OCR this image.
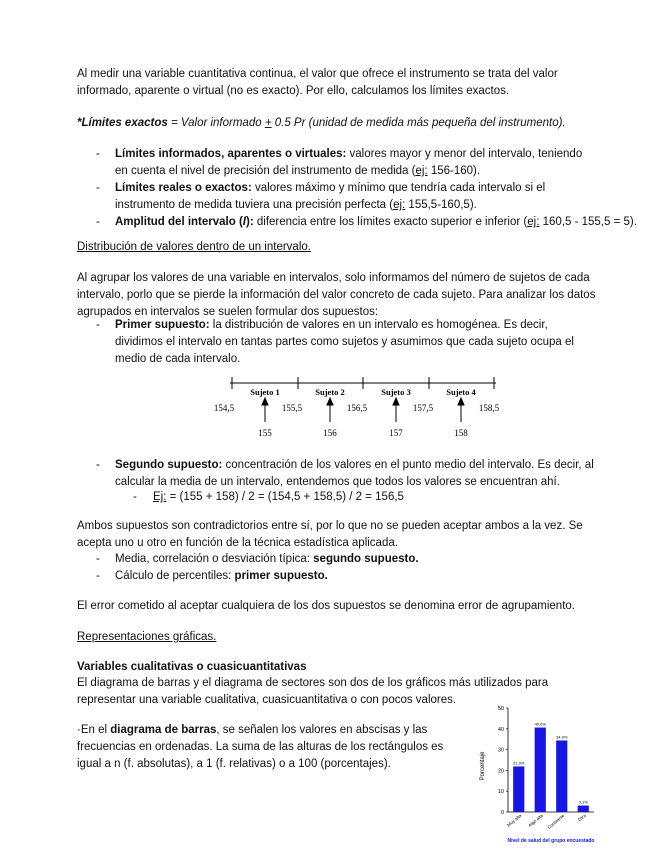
Al medir una variable cuantitativa continua, el valor que ofrece el instrumento se trata del valor
informado, aparente o virtual (no es exacto). Por ello, calculamos los límites exactos.

*Límites exactos = Valor informado + 0.5 Pr (unidad de medida más pequeña del instrumento).

- Límites informados, aparentes o virtuales: valores mayor y menor del intervalo, teniendo
en cuenta el nivel de precisión del instrumento de medida (ej: 156-160).
- Límites reales o exactos: valores máximo y mínimo que tendría cada intervalo si el
instrumento de medida tuviera una precisión perfecta (ej: 155,5-160,5).
- Amplitud del intervalo (I): diferencia entre los límites exacto superior e inferior (ej: 160,5 - 155,5 = 5).

Distribución de valores dentro de un intervalo.

Al agrupar los valores de una variable en intervalos, solo informamos del número de sujetos de cada
intervalo, porlo que se pierde la información del valor concreto de cada sujeto. Para analizar los datos
agrupados en intervalos se suelen formular dos supuestos:

- Primer supuesto: la distribución de valores en un intervalo es homogénea. Es decir,
dividimos el intervalo en tantas partes como sujetos y asumimos que cada sujeto ocupa el
medio de cada intervalo.
Sujeto 1	Sujeto 2	Sujeto 3	Sujeto 4
154,5	155,5	156,5	157,5	158,5
155	156	157	158
- Segundo supuesto: concentración de los valores en el punto medio del intervalo. Es decir, al
calcular la media de un intervalo, entendemos que todos los valores se encuentran ahí.
- Ej: = (155 + 158) / 2 = (154,5 + 158,5) / 2 = 156,5

Ambos supuestos son contradictorios entre sí, por lo que no se pueden aceptar ambos a la vez. Se
acepta uno u otro en función de la técnica estadística aplicada.

- Media, correlación o desviación típica: segundo supuesto.
- Cálculo de percentiles: primer supuesto.

El error cometido al aceptar cualquiera de los dos supuestos se denomina error de agrupamiento.

Representaciones gráficas.

Variables cualitativas o cuasicuantitativas

El diagrama de barras y el diagrama de sectores son dos de los gráficos más utilizados para
representar una variable cualitativa, cuasicuantitativa o con pocos valores.

·En el diagrama de barras, se señalen los valores en abscisas y las
frecuencias en ordenadas. La suma de las alturas de los rectángulos es
igual a n (f. absolutas), a 1 (f. relativas) o a 100 (porcentajes).	Porcentaje
0
10
20
30
40
50
21,9%
Muy alta
40,6%
Algo alta
34,4%
Constante
3,1%
Otra
Nivel de salud del grupo encuestado
